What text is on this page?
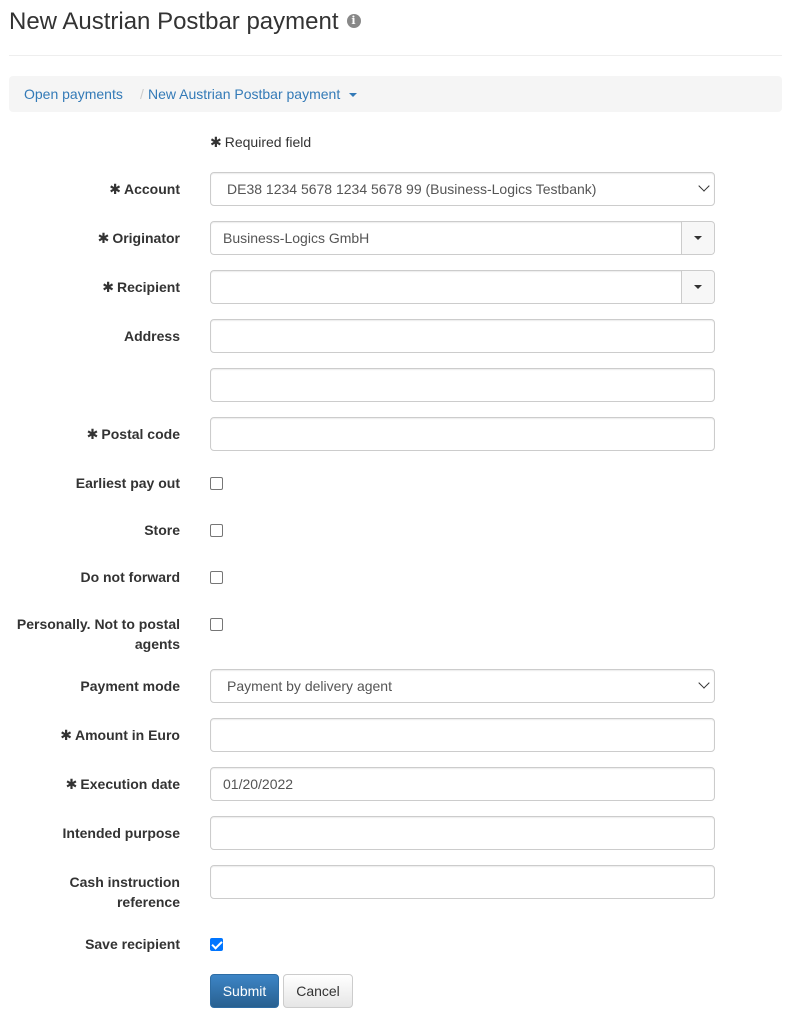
New Austrian Postbar payment i
Open payments / New Austrian Postbar payment
✱ Required field
✱ Account	DE38 1234 5678 1234 5678 99 (Business-Logics Testbank)
✱ Originator	Business-Logics GmbH
✱ Recipient
Address
✱ Postal code
Earliest pay out
Store
Do not forward
Personally. Not to postal
agents
Payment mode	Payment by delivery agent
✱ Amount in Euro
✱ Execution date	01/20/2022
Intended purpose
Cash instruction
reference
Save recipient
Submit	Cancel
